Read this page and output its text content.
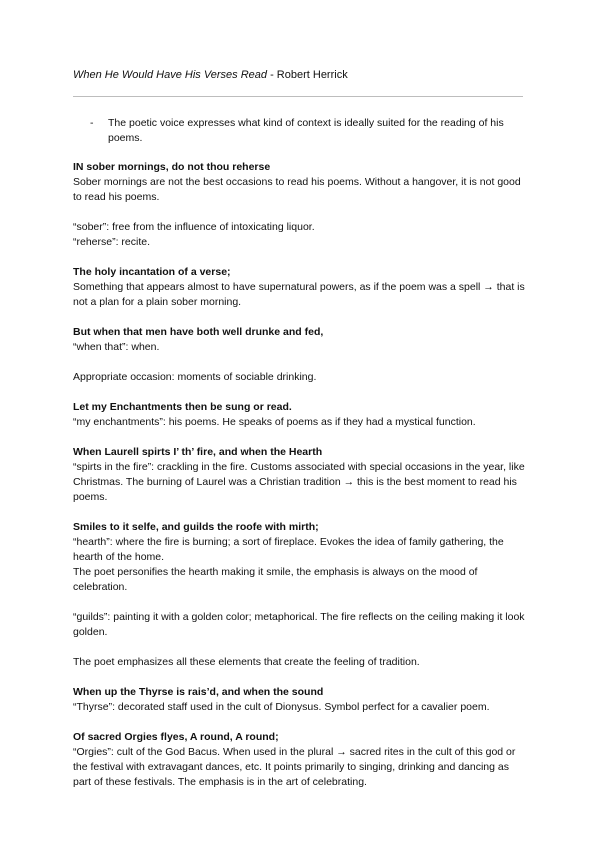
When He Would Have His Verses Read - Robert Herrick
- The poetic voice expresses what kind of context is ideally suited for the reading of his poems.

IN sober mornings, do not thou reherse

Sober mornings are not the best occasions to read his poems. Without a hangover, it is not good to read his poems.

“sober”: free from the influence of intoxicating liquor.

“reherse”: recite.

The holy incantation of a verse;

Something that appears almost to have supernatural powers, as if the poem was a spell → that is not a plan for a plain sober morning.

But when that men have both well drunke and fed,

“when that”: when.

Appropriate occasion: moments of sociable drinking.

Let my Enchantments then be sung or read.

“my enchantments”: his poems. He speaks of poems as if they had a mystical function.

When Laurell spirts I’ th’ fire, and when the Hearth

“spirts in the fire”: crackling in the fire. Customs associated with special occasions in the year, like Christmas. The burning of Laurel was a Christian tradition → this is the best moment to read his poems.

Smiles to it selfe, and guilds the roofe with mirth;

“hearth”: where the fire is burning; a sort of fireplace. Evokes the idea of family gathering, the hearth of the home.

The poet personifies the hearth making it smile, the emphasis is always on the mood of celebration.

“guilds”: painting it with a golden color; metaphorical. The fire reflects on the ceiling making it look golden.

The poet emphasizes all these elements that create the feeling of tradition.

When up the Thyrse is rais’d, and when the sound

“Thyrse”: decorated staff used in the cult of Dionysus. Symbol perfect for a cavalier poem.

Of sacred Orgies flyes, A round, A round;

“Orgies”: cult of the God Bacus. When used in the plural → sacred rites in the cult of this god or the festival with extravagant dances, etc. It points primarily to singing, drinking and dancing as part of these festivals. The emphasis is in the art of celebrating.
